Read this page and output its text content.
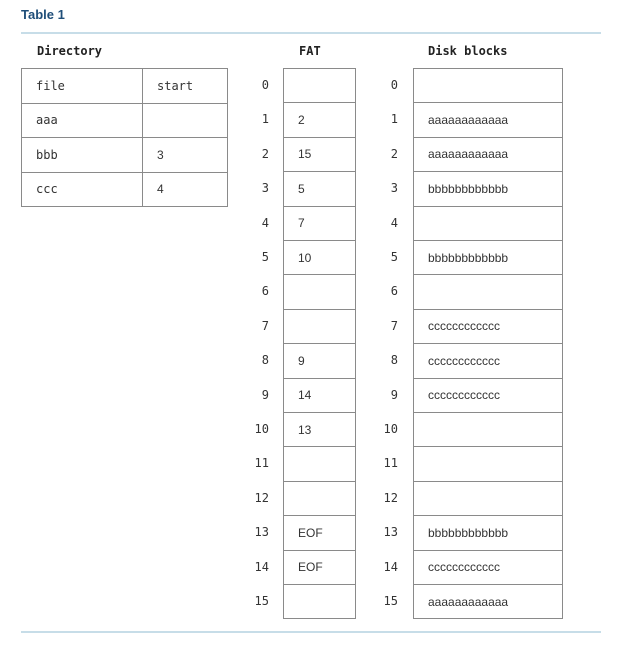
Table 1
Directory	FAT	Disk blocks
file	start
aaa
bbb	3
ccc	4
0
1	2
2	15
3	5
4	7
5	10
6
7
8	9
9	14
10	13
11
12
13	EOF
14	EOF
15
0
1	aaaaaaaaaaaa
2	aaaaaaaaaaaa
3	bbbbbbbbbbbb
4
5	bbbbbbbbbbbb
6
7	cccccccccccc
8	cccccccccccc
9	cccccccccccc
10
11
12
13	bbbbbbbbbbbb
14	cccccccccccc
15	aaaaaaaaaaaa
